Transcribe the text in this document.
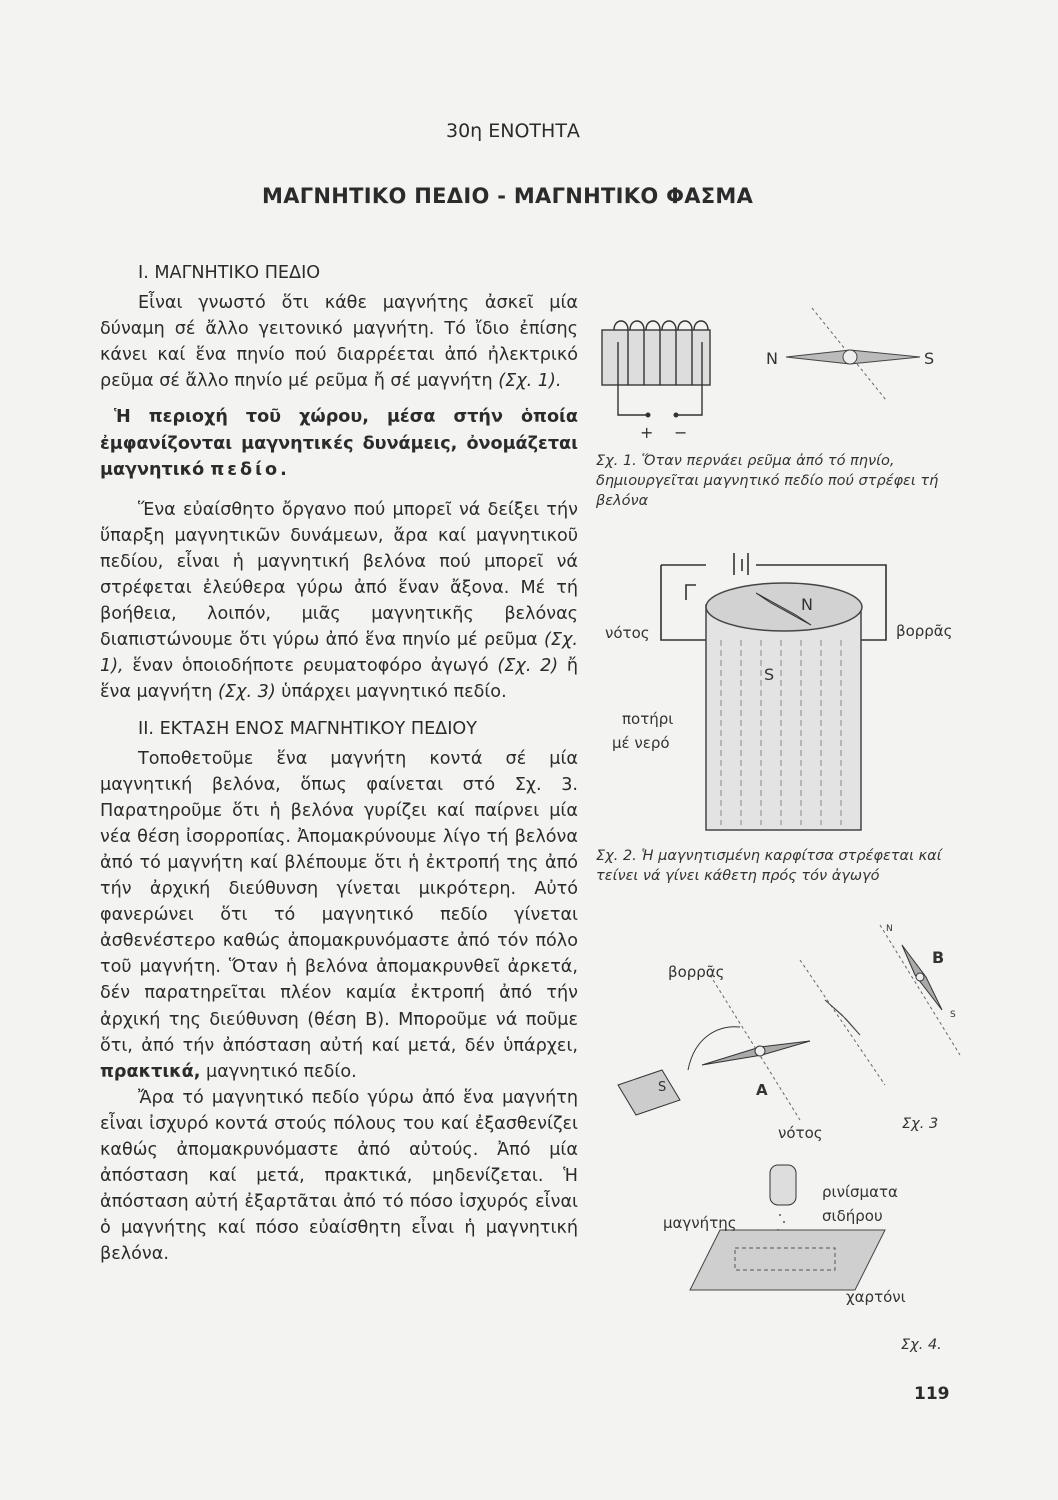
30η ΕΝΟΤΗΤΑ
ΜΑΓΝΗΤΙΚΟ ΠΕΔΙΟ - ΜΑΓΝΗΤΙΚΟ ΦΑΣΜΑ

Ι. ΜΑΓΝΗΤΙΚΟ ΠΕΔΙΟ

Εἶναι γνωστό ὅτι κάθε μαγνήτης ἀσκεῖ μία δύναμη σέ ἄλλο γειτονικό μαγνήτη. Τό ἴδιο ἐπίσης κάνει καί ἕνα πηνίο πού διαρρέεται ἀπό ἠλεκτρικό ρεῦμα σέ ἄλλο πηνίο μέ ρεῦμα ἤ σέ μαγνήτη (Σχ. 1).

Ἡ περιοχή τοῦ χώρου, μέσα στήν ὁποία ἐμφανίζονται μαγνητικές δυνάμεις, ὀνομάζεται μαγνητικό πεδίο.

Ἕνα εὐαίσθητο ὄργανο πού μπορεῖ νά δείξει τήν ὕπαρξη μαγνητικῶν δυνάμεων, ἄρα καί μαγνητικοῦ πεδίου, εἶναι ἡ μαγνητική βελόνα πού μπορεῖ νά στρέφεται ἐλεύθερα γύρω ἀπό ἕναν ἄξονα. Μέ τή βοήθεια, λοιπόν, μιᾶς μαγνητικῆς βελόνας διαπιστώνουμε ὅτι γύρω ἀπό ἕνα πηνίο μέ ρεῦμα (Σχ. 1), ἕναν ὁποιοδήποτε ρευματοφόρο ἀγωγό (Σχ. 2) ἤ ἕνα μαγνήτη (Σχ. 3) ὑπάρχει μαγνητικό πεδίο.

ΙΙ. ΕΚΤΑΣΗ ΕΝΟΣ ΜΑΓΝΗΤΙΚΟΥ ΠΕΔΙΟΥ

Τοποθετοῦμε ἕνα μαγνήτη κοντά σέ μία μαγνητική βελόνα, ὅπως φαίνεται στό Σχ. 3. Παρατηροῦμε ὅτι ἡ βελόνα γυρίζει καί παίρνει μία νέα θέση ἰσορροπίας. Ἀπομακρύνουμε λίγο τή βελόνα ἀπό τό μαγνήτη καί βλέπουμε ὅτι ἡ ἐκτροπή της ἀπό τήν ἀρχική διεύθυνση γίνεται μικρότερη. Αὐτό φανερώνει ὅτι τό μαγνητικό πεδίο γίνεται ἀσθενέστερο καθώς ἀπομακρυνόμαστε ἀπό τόν πόλο τοῦ μαγνήτη. Ὅταν ἡ βελόνα ἀπομακρυνθεῖ ἀρκετά, δέν παρατηρεῖται πλέον καμία ἐκτροπή ἀπό τήν ἀρχική της διεύθυνση (θέση Β). Μποροῦμε νά ποῦμε ὅτι, ἀπό τήν ἀπόσταση αὐτή καί μετά, δέν ὑπάρχει, πρακτικά, μαγνητικό πεδίο.

Ἄρα τό μαγνητικό πεδίο γύρω ἀπό ἕνα μαγνήτη εἶναι ἰσχυρό κοντά στούς πόλους του καί ἐξασθενίζει καθώς ἀπομακρυνόμαστε ἀπό αὐτούς. Ἀπό μία ἀπόσταση καί μετά, πρακτικά, μηδενίζεται. Ἡ ἀπόσταση αὐτή ἐξαρτᾶται ἀπό τό πόσο ἰσχυρός εἶναι ὁ μαγνήτης καί πόσο εὐαίσθητη εἶναι ἡ μαγνητική βελόνα.

+ −
N	S
Σχ. 1. Ὅταν περνάει ρεῦμα ἀπό τό πηνίο, δημιουργεῖται μαγνητικό πεδίο πού στρέφει τή βελόνα
N
S
νότος	βορρᾶς
ποτήρι
μέ νερό
Σχ. 2. Ἡ μαγνητισμένη καρφίτσα στρέφεται καί τείνει νά γίνει κάθετη πρός τόν ἀγωγό
S	A
B
N
S
βορρᾶς
νότος	Σχ. 3
ρινίσματα
σιδήρου
μαγνήτης
χαρτόνι
Σχ. 4.
119
